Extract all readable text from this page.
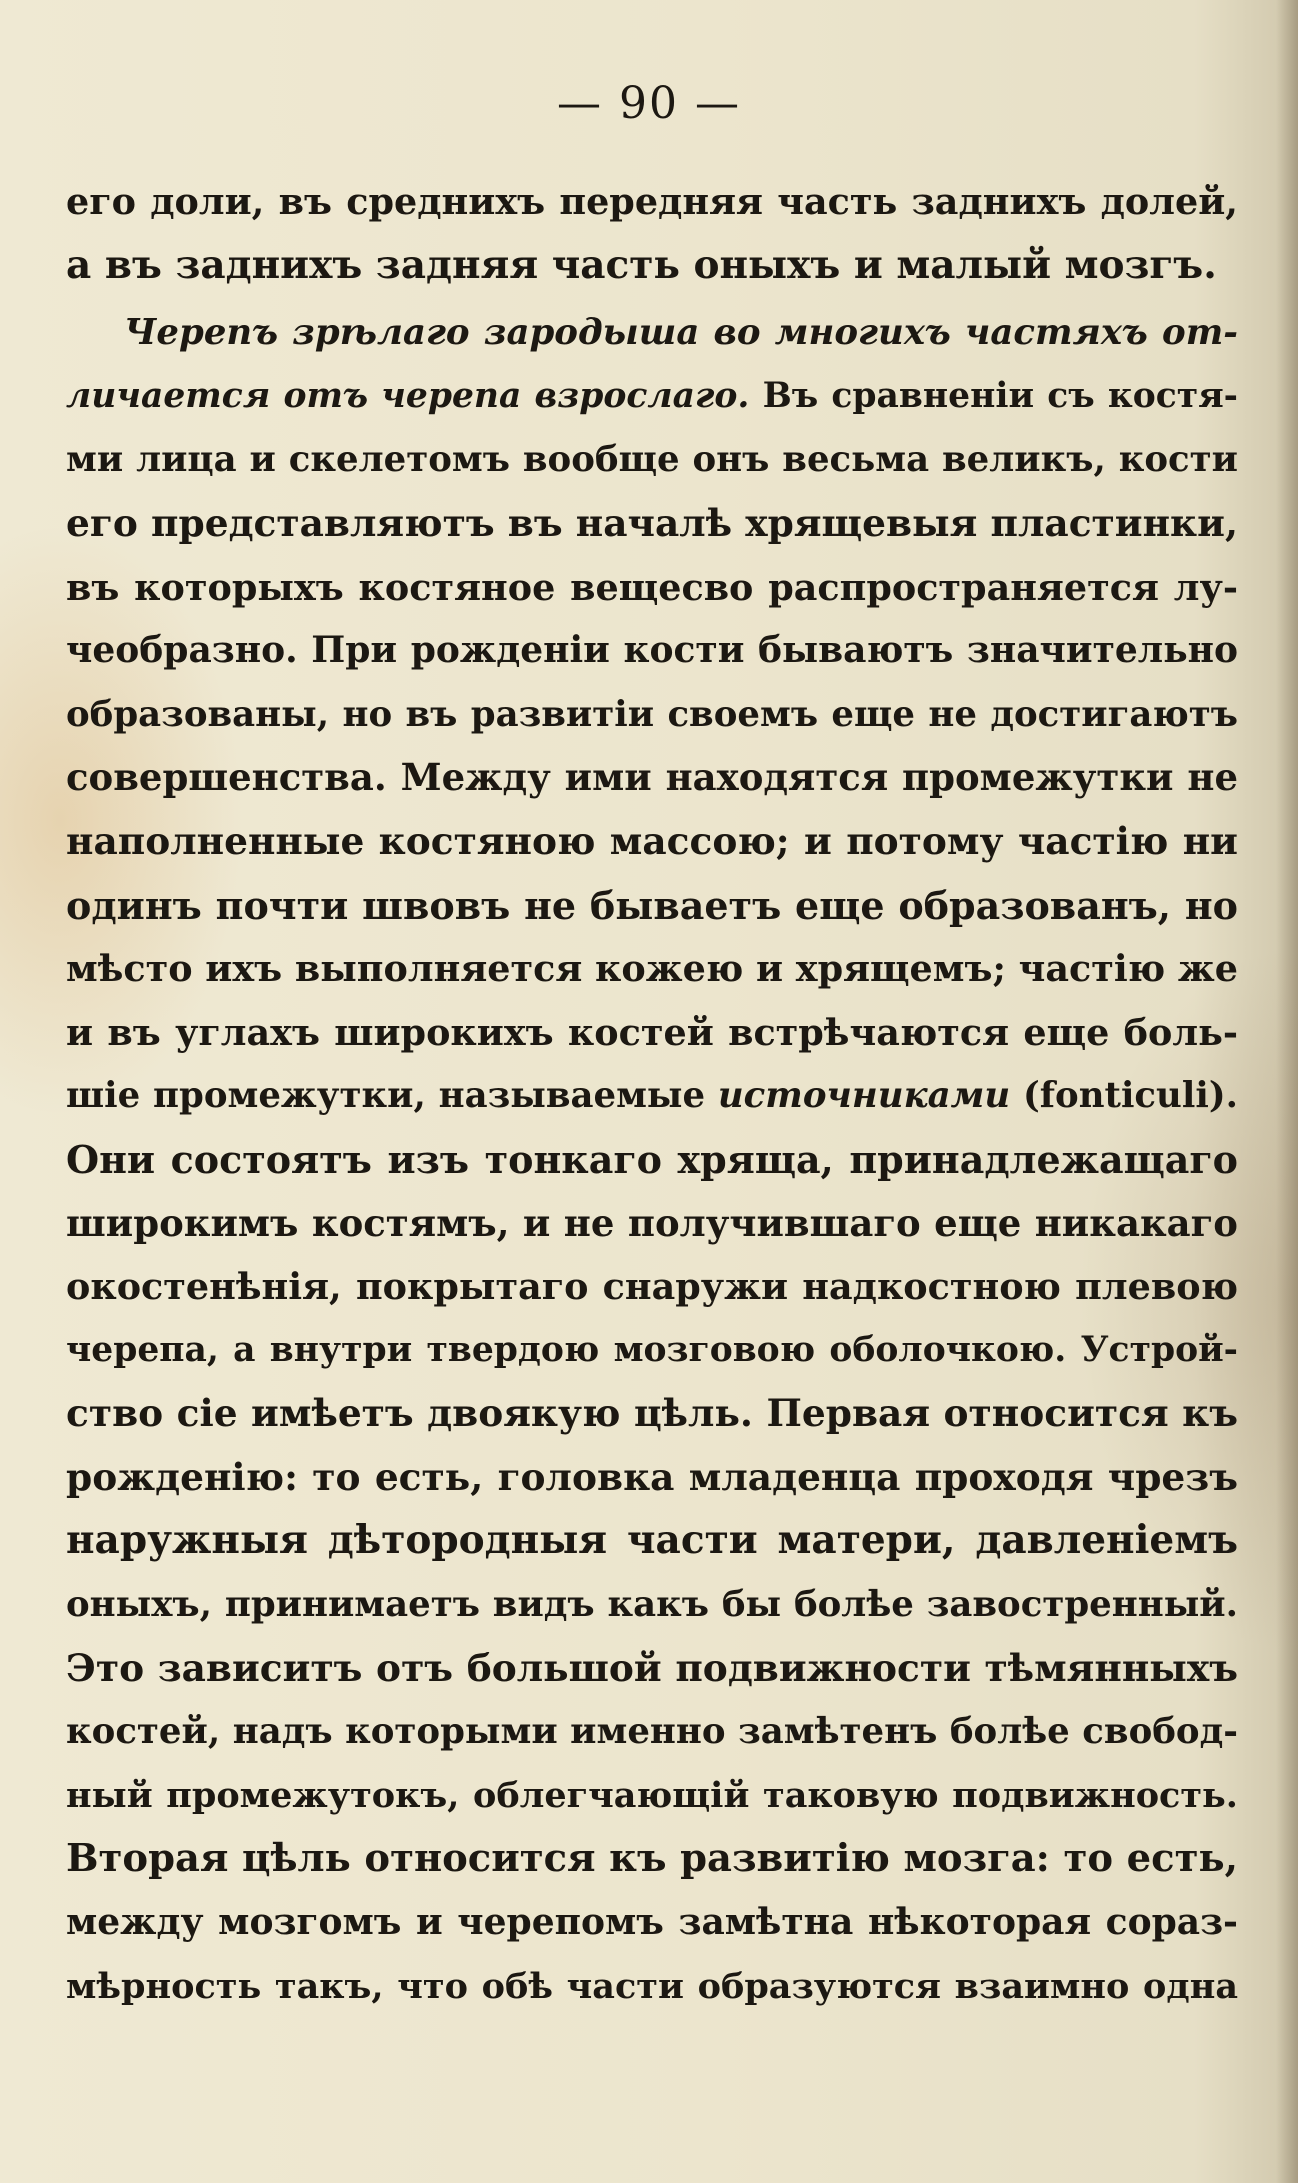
— 90 —
его доли, въ среднихъ передняя часть заднихъ долей,
а въ заднихъ задняя часть оныхъ и малый мозгъ.
Черепъ зрѣлаго зародыша во многихъ частяхъ от-
личается отъ черепа взрослаго. Въ сравненіи съ костя-
ми лица и скелетомъ вообще онъ весьма великъ, кости
его представляютъ въ началѣ хрящевыя пластинки,
въ которыхъ костяное вещесво распространяется лу-
чеобразно. При рожденіи кости бываютъ значительно
образованы, но въ развитіи своемъ еще не достигаютъ
совершенства. Между ими находятся промежутки не
наполненные костяною массою; и потому частію ни
одинъ почти швовъ не бываетъ еще образованъ, но
мѣсто ихъ выполняется кожею и хрящемъ; частію же
и въ углахъ широкихъ костей встрѣчаются еще боль-
шіе промежутки, называемые источниками (fonticuli).
Они состоятъ изъ тонкаго хряща, принадлежащаго
широкимъ костямъ, и не получившаго еще никакаго
окостенѣнія, покрытаго снаружи надкостною плевою
черепа, а внутри твердою мозговою оболочкою. Устрой-
ство сіе имѣетъ двоякую цѣль. Первая относится къ
рожденію: то есть, головка младенца проходя чрезъ
наружныя дѣтородныя части матери, давленіемъ
оныхъ, принимаетъ видъ какъ бы болѣе завостренный.
Это зависитъ отъ большой подвижности тѣмянныхъ
костей, надъ которыми именно замѣтенъ болѣе свобод-
ный промежутокъ, облегчающій таковую подвижность.
Вторая цѣль относится къ развитію мозга: то есть,
между мозгомъ и черепомъ замѣтна нѣкоторая сораз-
мѣрность такъ, что обѣ части образуются взаимно одна
